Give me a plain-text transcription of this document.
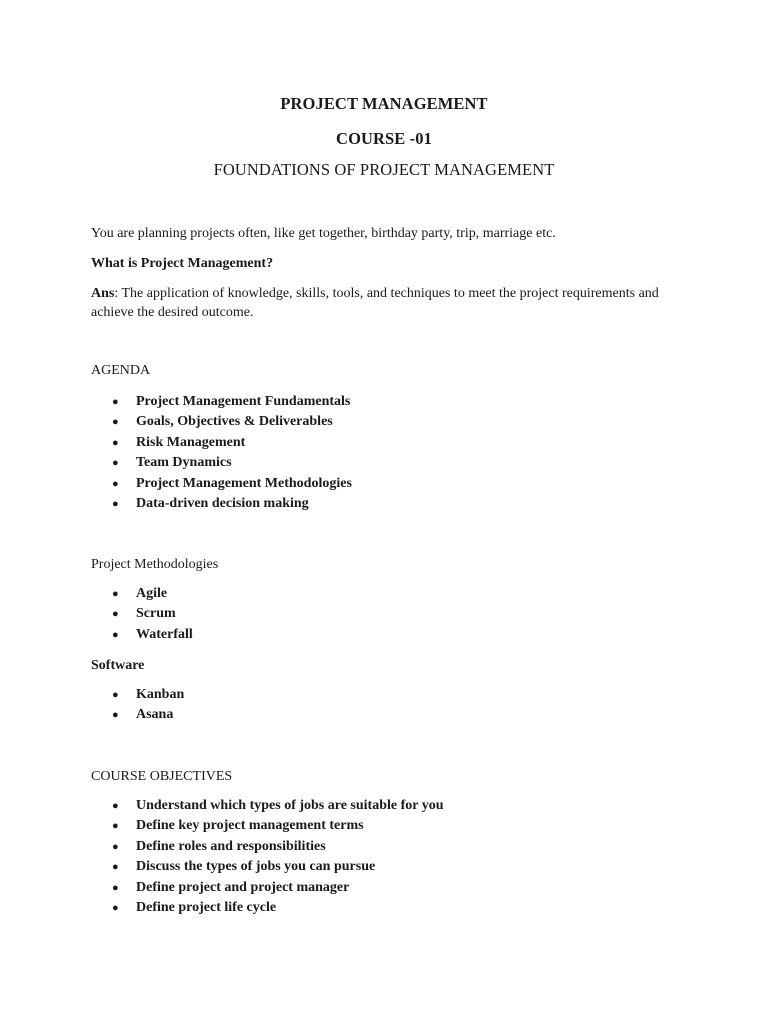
PROJECT MANAGEMENT
COURSE -01
FOUNDATIONS OF PROJECT MANAGEMENT
You are planning projects often, like get together, birthday party, trip, marriage etc.
What is Project Management?
Ans: The application of knowledge, skills, tools, and techniques to meet the project requirements and achieve the desired outcome.
AGENDA
● Project Management Fundamentals
● Goals, Objectives & Deliverables
● Risk Management
● Team Dynamics
● Project Management Methodologies
● Data-driven decision making
Project Methodologies
● Agile
● Scrum
● Waterfall
Software
● Kanban
● Asana
COURSE OBJECTIVES
● Understand which types of jobs are suitable for you
● Define key project management terms
● Define roles and responsibilities
● Discuss the types of jobs you can pursue
● Define project and project manager
● Define project life cycle
